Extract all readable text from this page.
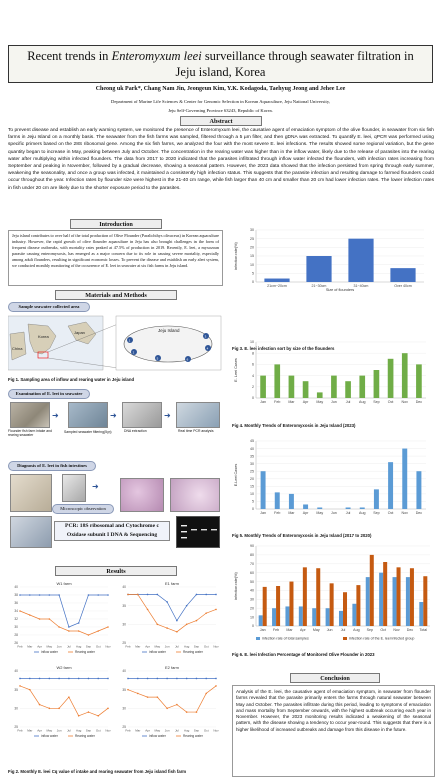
Recent trends in Enteromyxum leei surveillance through seawater filtration in
Jeju island, Korea
Cheong uk Park*, Chang Nam Jin, Jeongeun Kim, Y.K. Kodagoda, Taehyug Jeong and Jehee Lee
Department of Marine Life Sciences & Center for Genomic Selection in Korean Aquaculture, Jeju National University,
Jeju Self-Governing Province 63243, Republic of Korea.
Abstract
To prevent disease and establish an early warning system, we monitored the presence of Enteromyxum leei, the causative agent of emaciation symptom of the olive flounder, in seawater from six fish farms in Jeju Island on a monthly basis. The seawater from the fish farms was sampled, filtered through a 5 µm filter, and then gDNA was extracted. To quantify E. leei, qPCR was performed using specific primers based on the 28S ribosomal gene. Among the six fish farms, we analyzed the four with the most severe E. leei infections. The results showed some regional variation, but the gene quantity began to increase in May, peaking between July and October. The concentration in the rearing water was higher than in the inflow water, likely due to the release of parasites into the rearing water after multiplying within infected flounders. The data from 2017 to 2020 indicated that the parasites infiltrated through inflow water infected the flounders, with infection rates increasing from September and peaking in November, followed by a gradual decrease, showing a seasonal pattern. However, the 2023 data showed that the infection persisted from spring through early summer, weakening the seasonality, and once a group was infected, it maintained a consistently high infection status. This suggests that the parasite infection and resulting damage to farmed flounders could occur throughout the year. Infection rates by flounder size were highest in the 21-40 cm range, while fish larger than 40 cm and smaller than 20 cm had lower infection rates. The lower infection rates in fish under 20 cm are likely due to the shorter exposure period to the parasites.
Introduction
Jeju island contributes to over half of the total production of Olive Flounder (Paralichthys olivaceus) in Korean aquaculture industry. However, the rapid growth of olive flounder aquaculture in Jeju has also brought challenges in the form of frequent disease outbreaks, with mortality rates peaked at 47.5% of production in 2019. Recently, E. leei, a myxozoan parasite causing enteromyxosis, has emerged as a major concern due to its role in causing severe mortality, especially among adult flounders, resulting in significant economic losses. To prevent the disease and establish an early alert system, we conducted monthly monitoring of the occurrence of E. leei in seawater at six fish farms in Jeju island.
Materials and Methods
Sample seawater collected area
Korea
Japan
China
Jeju Island
1
2
3
4
5	6
Fig 1. Sampling area of inflow and rearing water in Jeju island
Examination of E. leei in seawater
➜	➜	➜
Flounder fish farm intake and rearing seawater
Sampled seawater filtering(5㎛)	DNA extraction	Real time PCR analysis
Diagnosis of E. leei in fish intestines
➜
Microscopic observation
PCR: 18S ribosomal and Cytochrome c
Oxidase subunit I DNA & Sequencing
Results
W1 farm
26
28
30
32
34
36
38
40
Feb Mar Apr May Jun Jul Aug Sep Oct Nov
inflow water	Rearing water
E1 farm
25
30
35
40
Feb Mar Apr May Jun Jul Aug Sep Oct Nov
inflow water	Rearing water
W2 farm
25
30
35
40
Feb Mar Apr May Jun Jul Aug Sep Oct Nov
inflow water	Rearing water
E2 farm
25
30
35
40
Feb Mar Apr May Jun Jul Aug Sep Oct Nov
inflow water	Rearing water
Fig 2. Monthly E. leei Cq value of intake and rearing seawater from Jeju island fish farm
0
5
10
15
20
25
30
21cm~20cm	21~30cm	31~40cm	Over 40cm
infection rate(%)
Size of flounders
Fig 3. E. leei infection sort by size of the flounders
0
2
4
6
8
10
Jan Feb Mar Apr May Jun Jul Aug Sep Oct Nov Dec
E. Leei Cases
Fig 4. Monthly Trends of Enteromyxosis in Jeju Island (2023)
0
5
10
15
20
25
30
35
40
45
Jan Feb Mar Apr May Jun Jul Aug Sep Oct Nov Dec
E.Leei Cases
Fig 5. Monthly Trends of Enteromyxosis in Jeju Island (2017 to 2020)
0
10
20
30
40
50
60
70
80
90
Jan Feb Mar Apr May Jun Jul Aug Sep Oct Nov Dec Total
infection rate(%)
infection rate of total samples	infection rate of the E. leei infected group
Fig 6. E. leei Infection Percentage of Monitored Olive Flounder in 2023
Conclusion
Analysis of the E. leei, the causative agent of emaciation symptom, in seawater from flounder farms revealed that the parasite primarily enters the farms through natural seawater between May and October. The parasites infiltrate during this period, leading to symptoms of emaciation and mass mortality from September onwards, with the highest outbreak occurring each year in November. However, the 2023 monitoring results indicated a weakening of the seasonal pattern, with the disease showing a tendency to occur year-round. This suggests that there is a higher likelihood of increased outbreaks and damage from this disease in the future.
